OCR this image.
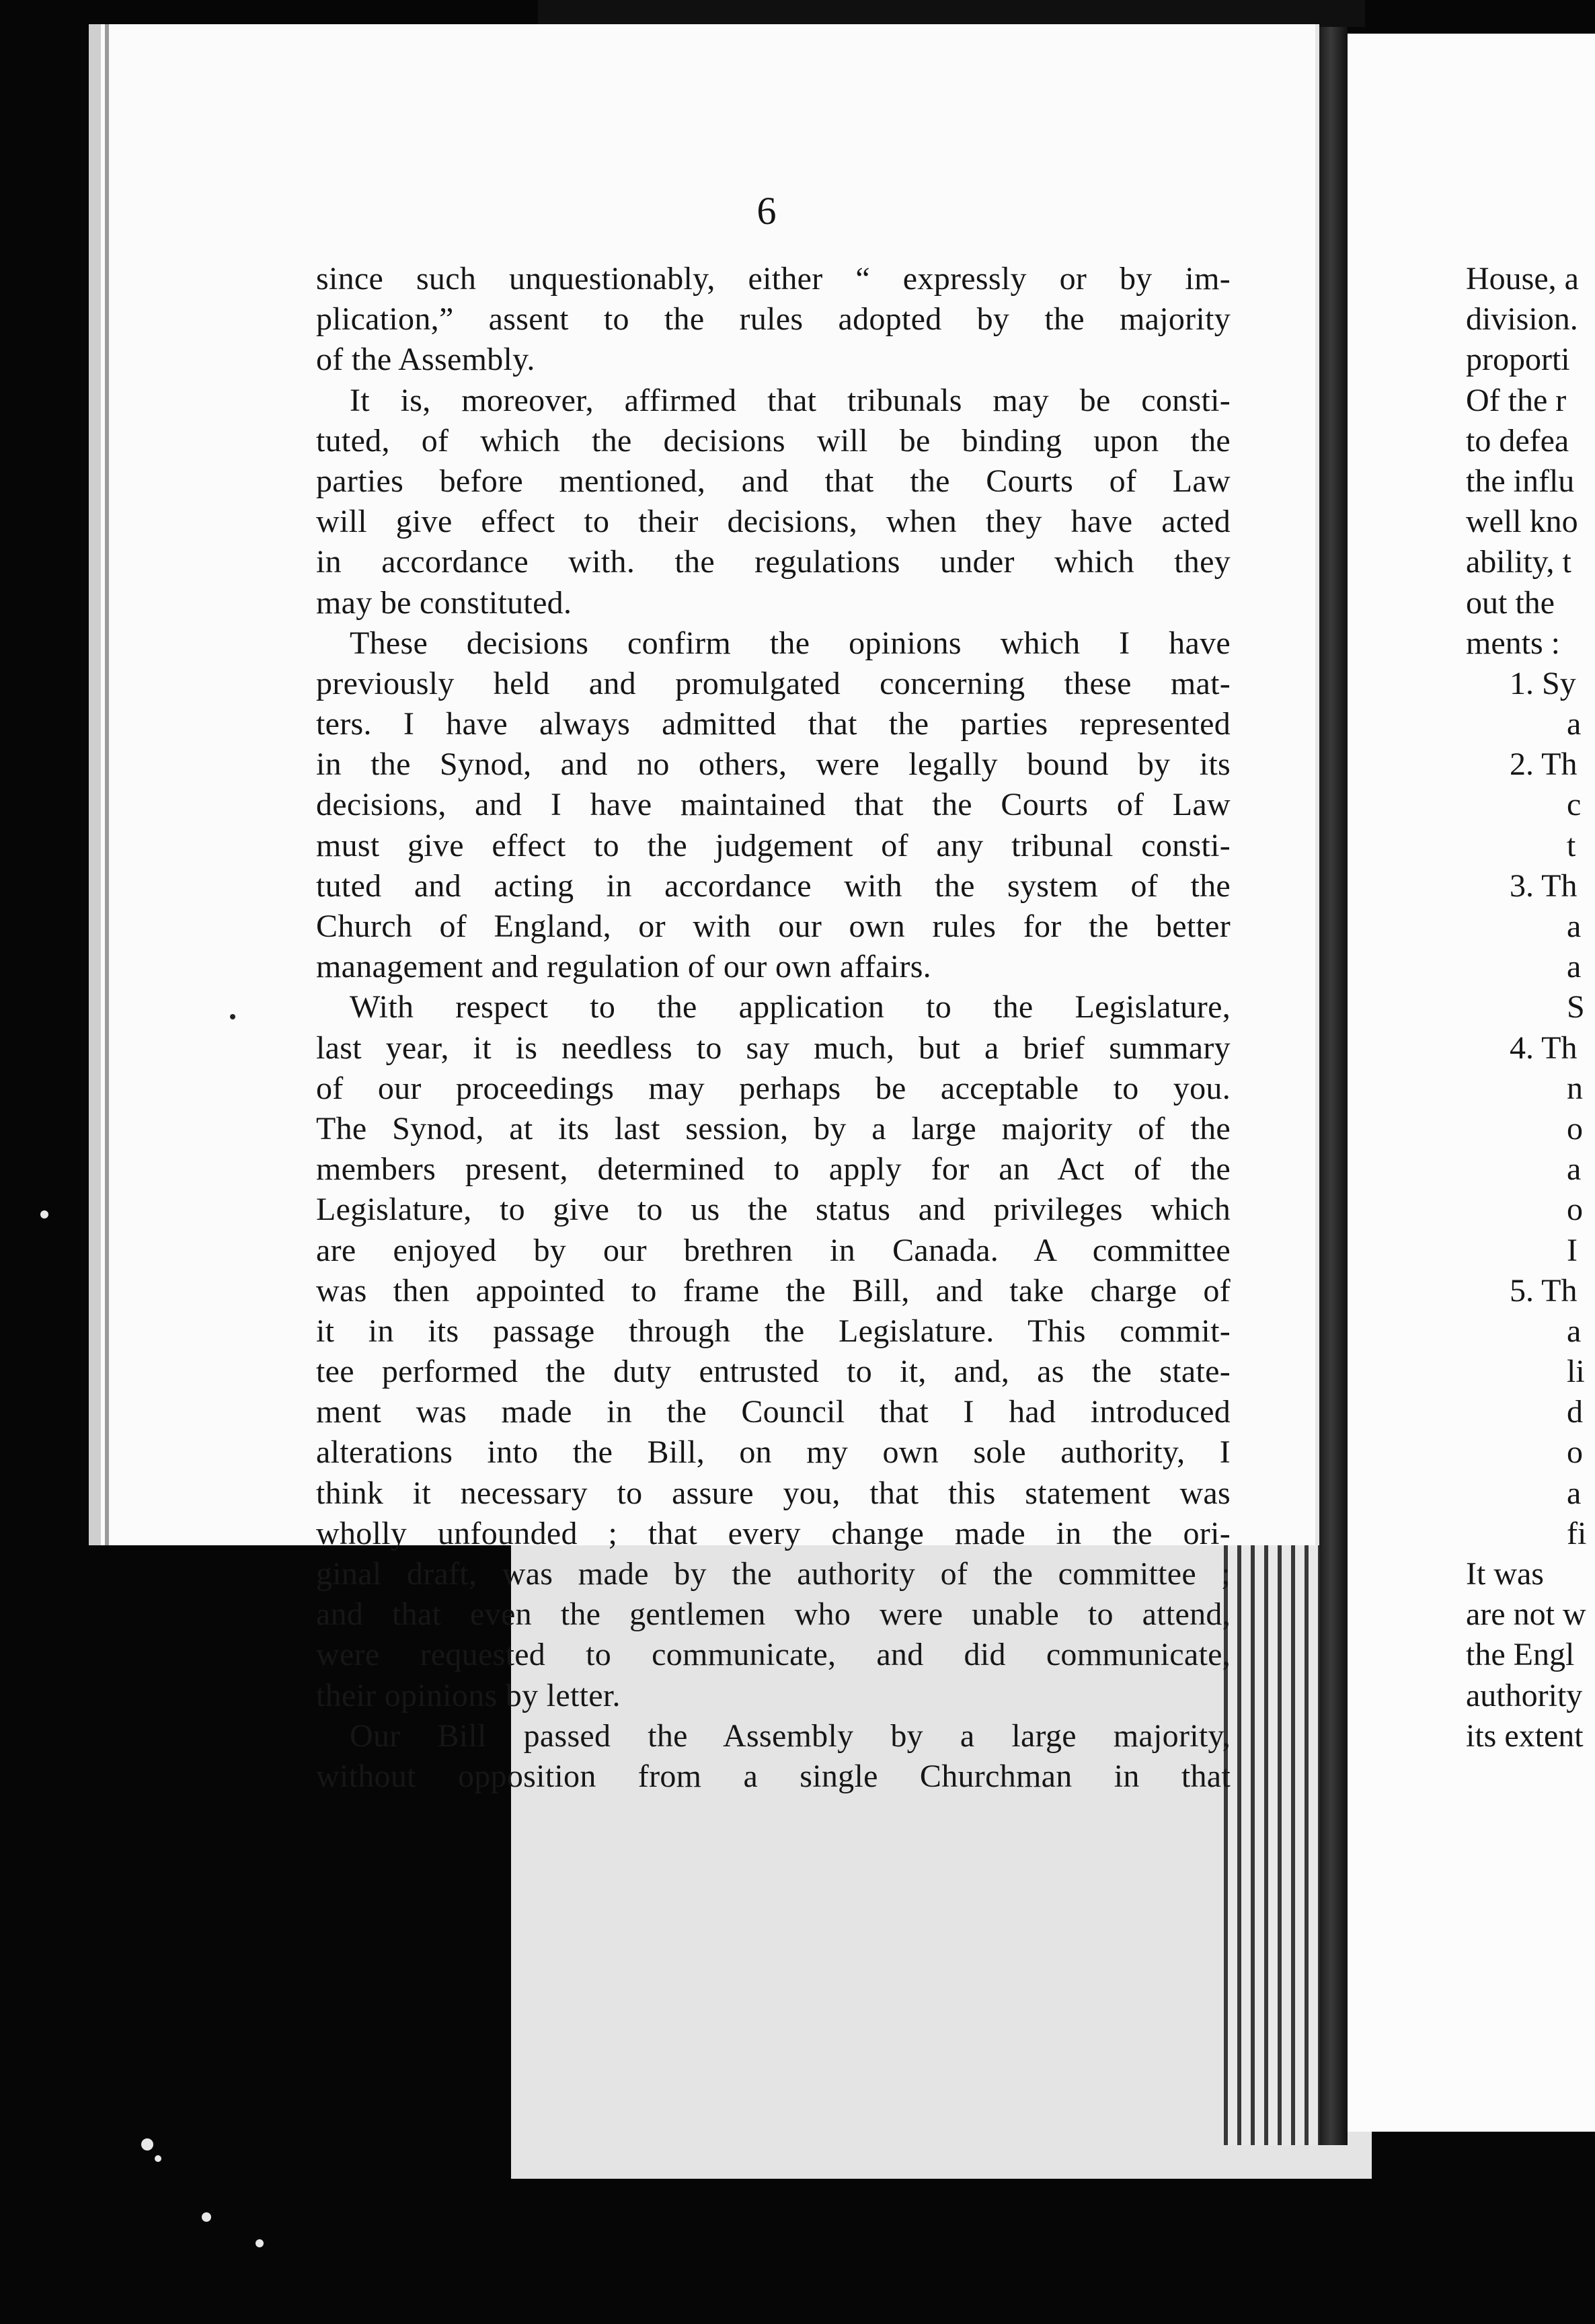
6
since such unquestionably, either “ expressly or by im-
plication,” assent to the rules adopted by the majority
of the Assembly.
It is, moreover, affirmed that tribunals may be consti-
tuted, of which the decisions will be binding upon the
parties before mentioned, and that the Courts of Law
will give effect to their decisions, when they have acted
in accordance with. the regulations under which they
may be constituted.
These decisions confirm the opinions which I have
previously held and promulgated concerning these mat-
ters. I have always admitted that the parties represented
in the Synod, and no others, were legally bound by its
decisions, and I have maintained that the Courts of Law
must give effect to the judgement of any tribunal consti-
tuted and acting in accordance with the system of the
Church of England, or with our own rules for the better
management and regulation of our own affairs.
With respect to the application to the Legislature,
last year, it is needless to say much, but a brief summary
of our proceedings may perhaps be acceptable to you.
The Synod, at its last session, by a large majority of the
members present, determined to apply for an Act of the
Legislature, to give to us the status and privileges which
are enjoyed by our brethren in Canada. A committee
was then appointed to frame the Bill, and take charge of
it in its passage through the Legislature. This commit-
tee performed the duty entrusted to it, and, as the state-
ment was made in the Council that I had introduced
alterations into the Bill, on my own sole authority, I
think it necessary to assure you, that this statement was
wholly unfounded ; that every change made in the ori-
ginal draft, was made by the authority of the committee ;
and that even the gentlemen who were unable to attend,
were requested to communicate, and did communicate,
their opinions by letter.
Our Bill passed the Assembly by a large majority,
without opposition from a single Churchman in that
House, a
division.
proporti
Of the r
to defea
the influ
well kno
ability, t
out the
ments :
1. Sy
a
2. Th
c
t
3. Th
a
a
S
4. Th
n
o
a
o
I
5. Th
a
li
d
o
a
fi
It was
are not w
the Engl
authority
its extent
